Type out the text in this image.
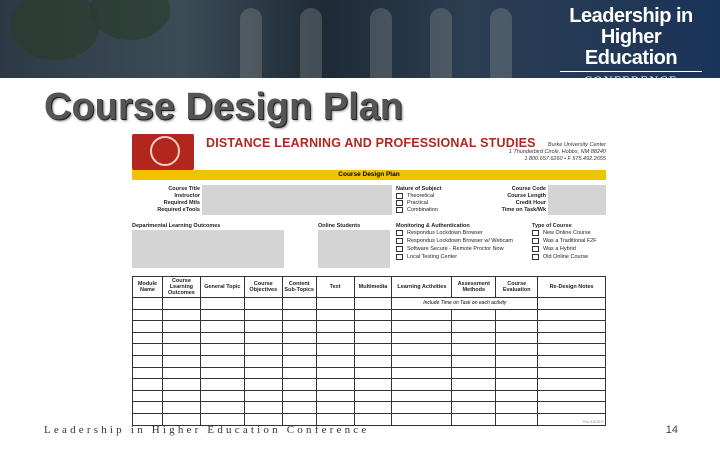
Leadership in
Higher Education
CONFERENCE
Course Design Plan
DISTANCE LEARNING AND PROFESSIONAL STUDIES	Burke University Center
1 Thunderbird Circle, Hobbs, NM 88240
1.800.657.6260 • F 575.492.2655
Course Design Plan
Course Title
Instructor
Required Mtls
Required eTools
Nature of Subject
Theoretical
Practical
Combination
Course Code
Course Length
Credit Hour
Time on Task/Wk
Departmental Learning Outcomes	Online Students	Monitoring & Authentication
Respondus Lockdown Browser
Respondus Lockdown Browser w/ Webcam
Software Secure - Remote Proctor Now
Local Testing Center
Type of Course
New Online Course
Was a Traditional F2F
Was a Hybrid
Old Online Course
Module Name	Course Learning Outcomes	General Topic	Course Objectives	Content Sub-Topics	Text	Multimedia	Learning Activities	Assessment Methods	Course Evaluation	Re-Design Notes
							Include Time on Task on each activity			

Rev 4/4/2017
Leadership in Higher Education Conference	14
